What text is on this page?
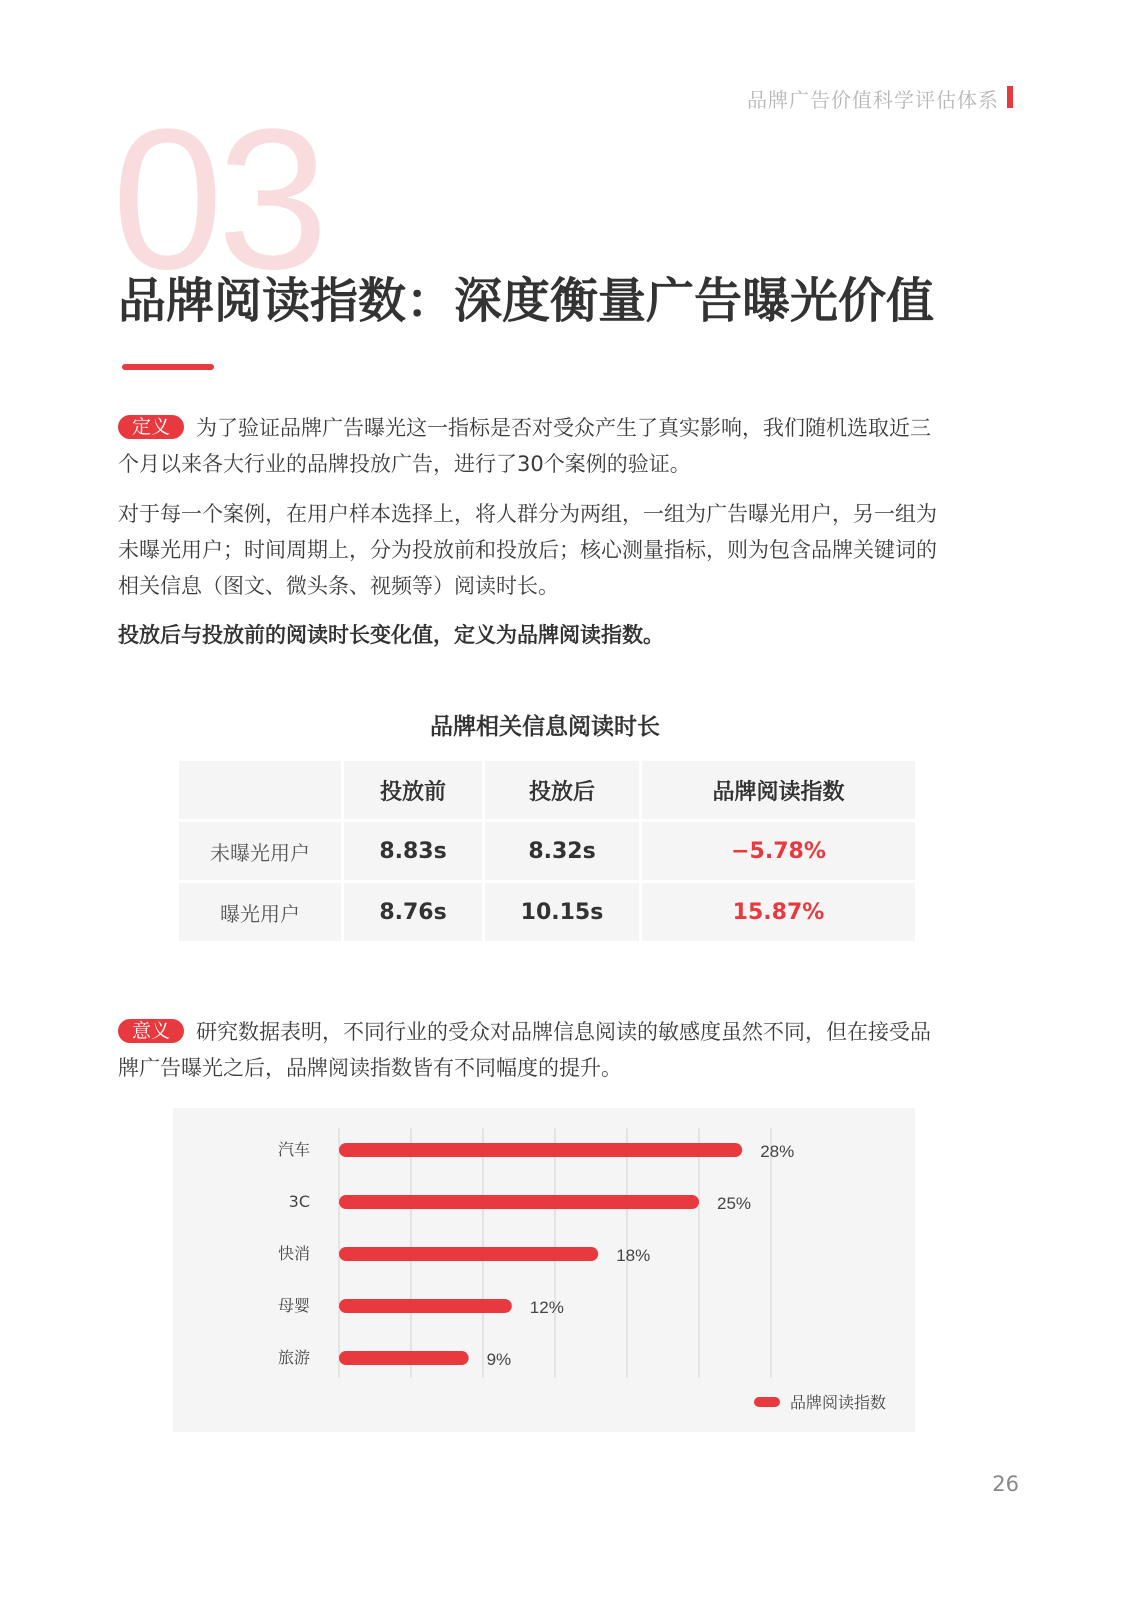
品牌广告价值科学评估体系
03
品牌阅读指数：深度衡量广告曝光价值
定义 为了验证品牌广告曝光这一指标是否对受众产生了真实影响，我们随机选取近三个月以来各大行业的品牌投放广告，进行了30个案例的验证。
对于每一个案例，在用户样本选择上，将人群分为两组，一组为广告曝光用户，另一组为未曝光用户；时间周期上，分为投放前和投放后；核心测量指标，则为包含品牌关键词的相关信息（图文、微头条、视频等）阅读时长。
投放后与投放前的阅读时长变化值，定义为品牌阅读指数。
品牌相关信息阅读时长
	投放前	投放后	品牌阅读指数
未曝光用户	8.83s	8.32s	−5.78%
曝光用户	8.76s	10.15s	15.87%
意义 研究数据表明，不同行业的受众对品牌信息阅读的敏感度虽然不同，但在接受品牌广告曝光之后，品牌阅读指数皆有不同幅度的提升。
汽车	28%
3C	25%
快消	18%
母婴	12%
旅游	9%
品牌阅读指数
26
